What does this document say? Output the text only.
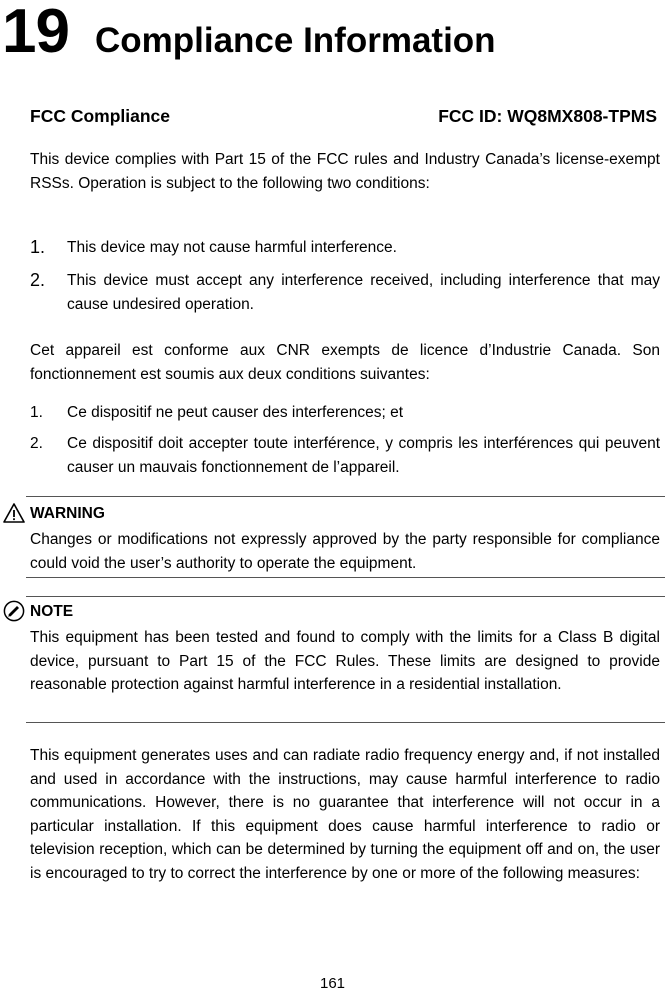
19 Compliance Information
FCC Compliance	FCC ID: WQ8MX808-TPMS
This device complies with Part 15 of the FCC rules and Industry Canada’s license-exempt RSSs. Operation is subject to the following two conditions:
1. This device may not cause harmful interference.
2. This device must accept any interference received, including interference that may cause undesired operation.
Cet appareil est conforme aux CNR exempts de licence d’Industrie Canada. Son fonctionnement est soumis aux deux conditions suivantes:
1. Ce dispositif ne peut causer des interferences; et
2. Ce dispositif doit accepter toute interférence, y compris les interférences qui peuvent causer un mauvais fonctionnement de l’appareil.
WARNING
Changes or modifications not expressly approved by the party responsible for compliance could void the user’s authority to operate the equipment.
NOTE
This equipment has been tested and found to comply with the limits for a Class B digital device, pursuant to Part 15 of the FCC Rules. These limits are designed to provide reasonable protection against harmful interference in a residential installation.
This equipment generates uses and can radiate radio frequency energy and, if not installed and used in accordance with the instructions, may cause harmful interference to radio communications. However, there is no guarantee that interference will not occur in a particular installation. If this equipment does cause harmful interference to radio or television reception, which can be determined by turning the equipment off and on, the user is encouraged to try to correct the interference by one or more of the following measures:
161
